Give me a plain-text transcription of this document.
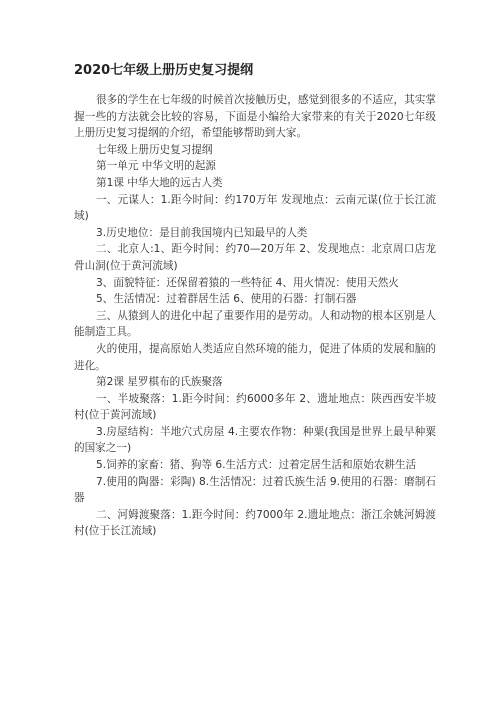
2020七年级上册历史复习提纲

很多的学生在七年级的时候首次接触历史，感觉到很多的不适应，其实掌握一些的方法就会比较的容易，下面是小编给大家带来的有关于2020七年级上册历史复习提纲的介绍，希望能够帮助到大家。

七年级上册历史复习提纲

第一单元 中华文明的起源

第1课 中华大地的远古人类

一、元谋人：1.距今时间：约170万年 发现地点：云南元谋(位于长江流域)

3.历史地位：是目前我国境内已知最早的人类

二、北京人:1、距今时间：约70—20万年 2、发现地点：北京周口店龙骨山洞(位于黄河流域)

3、面貌特征：还保留着猿的一些特征 4、用火情况：使用天然火

5、生活情况：过着群居生活 6、使用的石器：打制石器

三、从猿到人的进化中起了重要作用的是劳动。人和动物的根本区别是人能制造工具。

火的使用，提高原始人类适应自然环境的能力，促进了体质的发展和脑的进化。

第2课 星罗棋布的氏族聚落

一、半坡聚落：1.距今时间：约6000多年 2、遗址地点：陕西西安半坡村(位于黄河流域)

3.房屋结构：半地穴式房屋 4.主要农作物：种粟(我国是世界上最早种粟的国家之一)

5.饲养的家畜：猪、狗等 6.生活方式：过着定居生活和原始农耕生活

7.使用的陶器：彩陶) 8.生活情况：过着氏族生活 9.使用的石器：磨制石器

二、河姆渡聚落：1.距今时间：约7000年 2.遗址地点：浙江余姚河姆渡村(位于长江流域)
